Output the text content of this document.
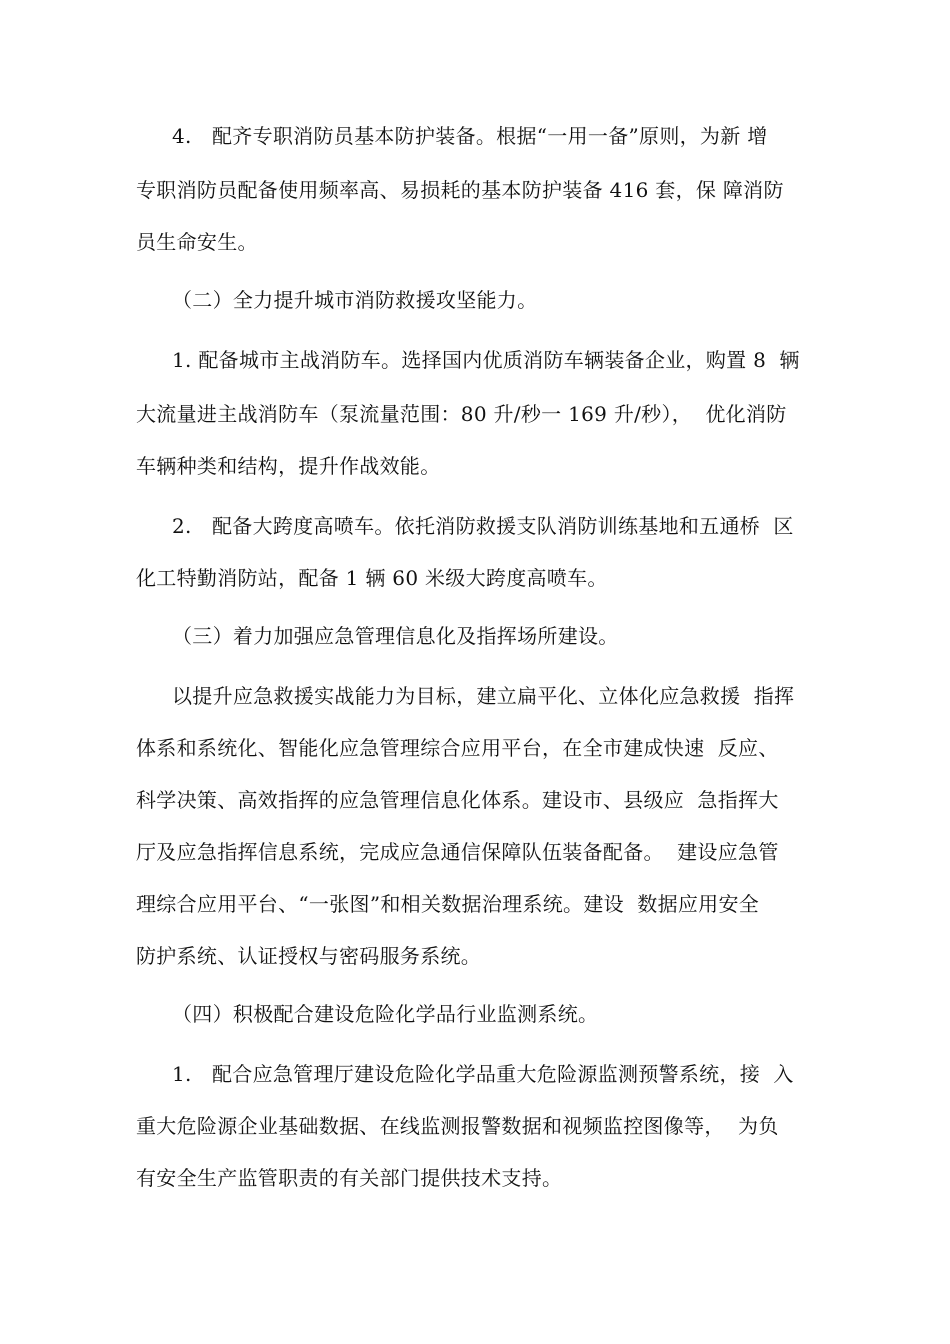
4.　配齐专职消防员基本防护装备。根据“一用一备”原则，为新 增
专职消防员配备使用频率高、易损耗的基本防护装备 416 套，保 障消防
员生命安生。
（二）全力提升城市消防救援攻坚能力。
1. 配备城市主战消防车。选择国内优质消防车辆装备企业，购置 8  辆
大流量进主战消防车（泵流量范围：80 升/秒一 169 升/秒），  优化消防
车辆种类和结构，提升作战效能。
2.　配备大跨度高喷车。依托消防救援支队消防训练基地和五通桥  区
化工特勤消防站，配备 1 辆 60 米级大跨度高喷车。
（三）着力加强应急管理信息化及指挥场所建设。
以提升应急救援实战能力为目标，建立扁平化、立体化应急救援  指挥
体系和系统化、智能化应急管理综合应用平台，在全市建成快速  反应、
科学决策、高效指挥的应急管理信息化体系。建设市、县级应  急指挥大
厅及应急指挥信息系统，完成应急通信保障队伍装备配备。  建设应急管
理综合应用平台、“一张图”和相关数据治理系统。建设  数据应用安全
防护系统、认证授权与密码服务系统。
（四）积极配合建设危险化学品行业监测系统。
1.　配合应急管理厅建设危险化学品重大危险源监测预警系统，接  入
重大危险源企业基础数据、在线监测报警数据和视频监控图像等，  为负
有安全生产监管职责的有关部门提供技术支持。
